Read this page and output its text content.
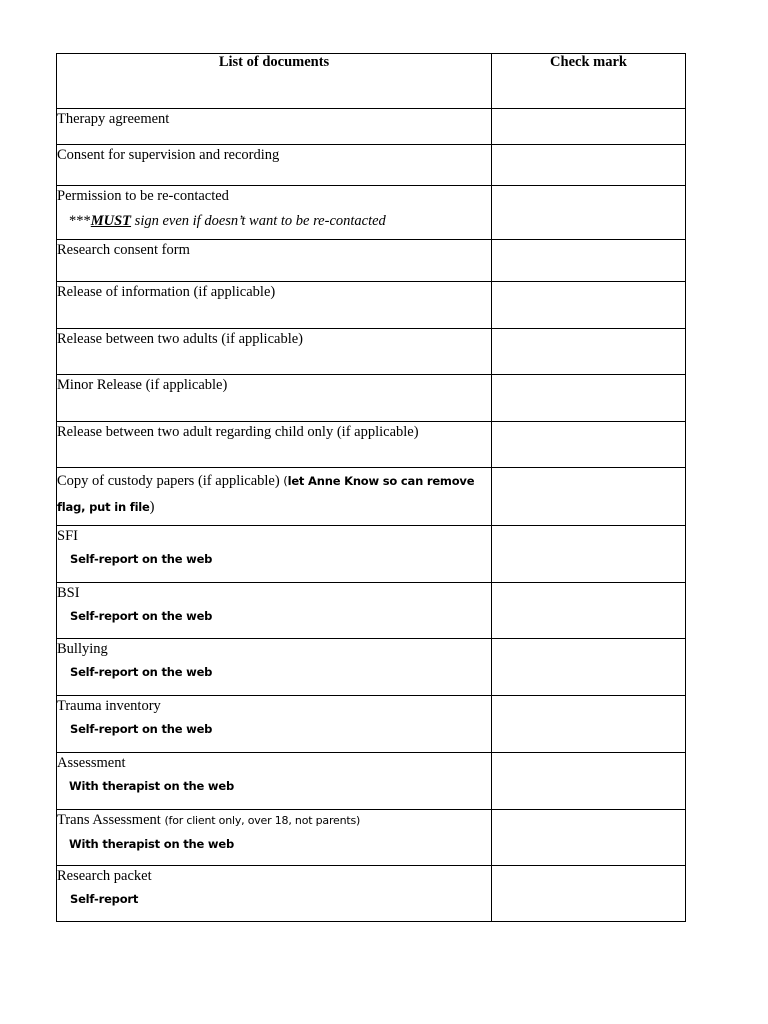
List of documents	Check mark

Therapy agreement	

Consent for supervision and recording	

Permission to be re-contacted
***MUST sign even if doesn’t want to be re-contacted	

Research consent form	

Release of information (if applicable)	

Release between two adults (if applicable)	

Minor Release (if applicable)	

Release between two adult regarding child only (if applicable)	

Copy of custody papers (if applicable) (let Anne Know so can remove flag, put in file)	

SFI
Self-report on the web	

BSI
Self-report on the web	

Bullying
Self-report on the web	

Trauma inventory
Self-report on the web	

Assessment
With therapist on the web	

Trans Assessment (for client only, over 18, not parents)
With therapist on the web	

Research packet
Self-report	
